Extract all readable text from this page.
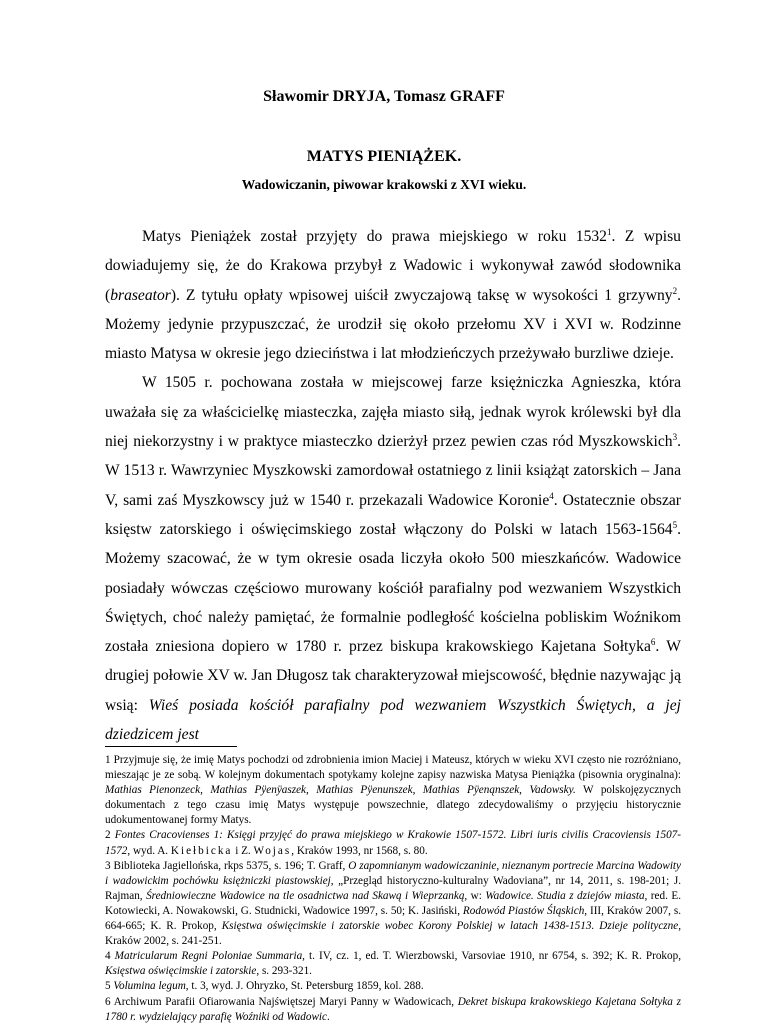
Sławomir DRYJA, Tomasz GRAFF
MATYS PIENIĄŻEK.
Wadowiczanin, piwowar krakowski z XVI wieku.

Matys Pieniążek został przyjęty do prawa miejskiego w roku 1532$^1$. Z wpisu dowiadujemy się, że do Krakowa przybył z Wadowic i wykonywał zawód słodownika (braseator). Z tytułu opłaty wpisowej uiścił zwyczajową taksę w wysokości 1 grzywny$^2$. Możemy jedynie przypuszczać, że urodził się około przełomu XV i XVI w. Rodzinne miasto Matysa w okresie jego dzieciństwa i lat młodzieńczych przeżywało burzliwe dzieje.

W 1505 r. pochowana została w miejscowej farze księżniczka Agnieszka, która uważała się za właścicielkę miasteczka, zajęła miasto siłą, jednak wyrok królewski był dla niej niekorzystny i w praktyce miasteczko dzierżył przez pewien czas ród Myszkowskich$^3$. W 1513 r. Wawrzyniec Myszkowski zamordował ostatniego z linii książąt zatorskich – Jana V, sami zaś Myszkowscy już w 1540 r. przekazali Wadowice Koronie$^4$. Ostatecznie obszar księstw zatorskiego i oświęcimskiego został włączony do Polski w latach 1563-1564$^5$. Możemy szacować, że w tym okresie osada liczyła około 500 mieszkańców. Wadowice posiadały wówczas częściowo murowany kościół parafialny pod wezwaniem Wszystkich Świętych, choć należy pamiętać, że formalnie podległość kościelna pobliskim Woźnikom została zniesiona dopiero w 1780 r. przez biskupa krakowskiego Kajetana Sołtyka$^6$. W drugiej połowie XV w. Jan Długosz tak charakteryzował miejscowość, błędnie nazywając ją wsią: Wieś posiada kościół parafialny pod wezwaniem Wszystkich Świętych, a jej dziedzicem jest

1 Przyjmuje się, że imię Matys pochodzi od zdrobnienia imion Maciej i Mateusz, których w wieku XVI często nie rozróżniano, mieszając je ze sobą. W kolejnym dokumentach spotykamy kolejne zapisy nazwiska Matysa Pieniążka (pisownia oryginalna): Mathias Pienonzeck, Mathias Pÿenÿaszek, Mathias Pÿenunszek, Mathias Pÿenąnszek, Vadowsky. W polskojęzycznych dokumentach z tego czasu imię Matys występuje powszechnie, dlatego zdecydowaliśmy o przyjęciu historycznie udokumentowanej formy Matys.

2 Fontes Cracovienses 1: Księgi przyjęć do prawa miejskiego w Krakowie 1507-1572. Libri iuris civilis Cracoviensis 1507-1572, wyd. A. Kiełbicka i Z. Wojas, Kraków 1993, nr 1568, s. 80.

3 Biblioteka Jagiellońska, rkps 5375, s. 196; T. Graff, O zapomnianym wadowiczaninie, nieznanym portrecie Marcina Wadowity i wadowickim pochówku księżniczki piastowskiej, „Przegląd historyczno-kulturalny Wadoviana”, nr 14, 2011, s. 198-201; J. Rajman, Średniowieczne Wadowice na tle osadnictwa nad Skawą i Wieprzanką, w: Wadowice. Studia z dziejów miasta, red. E. Kotowiecki, A. Nowakowski, G. Studnicki, Wadowice 1997, s. 50; K. Jasiński, Rodowód Piastów Śląskich, III, Kraków 2007, s. 664-665; K. R. Prokop, Księstwa oświęcimskie i zatorskie wobec Korony Polskiej w latach 1438-1513. Dzieje polityczne, Kraków 2002, s. 241-251.

4 Matricularum Regni Poloniae Summaria, t. IV, cz. 1, ed. T. Wierzbowski, Varsoviae 1910, nr 6754, s. 392; K. R. Prokop, Księstwa oświęcimskie i zatorskie, s. 293-321.

5 Volumina legum, t. 3, wyd. J. Ohryzko, St. Petersburg 1859, kol. 288.

6 Archiwum Parafii Ofiarowania Najświętszej Maryi Panny w Wadowicach, Dekret biskupa krakowskiego Kajetana Sołtyka z 1780 r. wydzielający parafię Woźniki od Wadowic.
